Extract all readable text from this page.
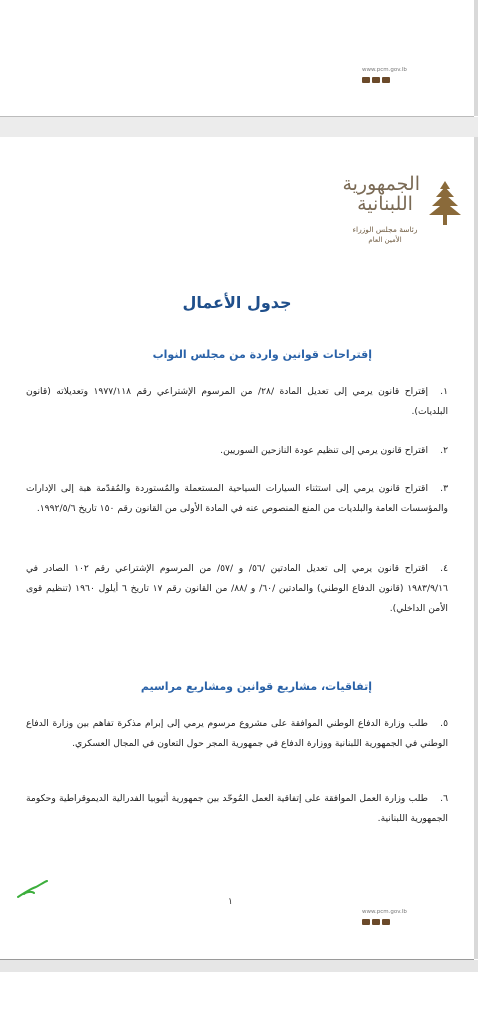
www.pcm.gov.lb
الجمهورية
اللبنانية
رئاسة مجلس الوزراء
الأمين العام
جدول الأعمال
إقتراحات قوانين واردة من مجلس النواب
١.إقتراح قانون يرمي إلى تعديل المادة /٢٨/ من المرسوم الإشتراعي رقم ١٩٧٧/١١٨ وتعديلاته (قانون البلديات).
٢.اقتراح قانون يرمي إلى تنظيم عودة النازحين السوريين.
٣.اقتراح قانون يرمي إلى استثناء السيارات السياحية المستعملة والمُستوردة والمُقدّمة هبة إلى الإدارات والمؤسسات العامة والبلديات من المنع المنصوص عنه في المادة الأولى من القانون رقم ١٥٠ تاريخ ١٩٩٢/٥/٦.
٤.اقتراح قانون يرمي إلى تعديل المادتين /٥٦/ و /٥٧/ من المرسوم الإشتراعي رقم ١٠٢ الصادر في ١٩٨٣/٩/١٦ (قانون الدفاع الوطني) والمادتين /٦٠/ و /٨٨/ من القانون رقم ١٧ تاريخ ٦ أيلول ١٩٦٠ (تنظيم قوى الأمن الداخلي).
إتفاقيات، مشاريع قوانين ومشاريع مراسيم
٥.طلب وزارة الدفاع الوطني الموافقة على مشروع مرسوم يرمي إلى إبرام مذكرة تفاهم بين وزارة الدفاع الوطني في الجمهورية اللبنانية ووزارة الدفاع في جمهورية المجر حول التعاون في المجال العسكري.
٦.طلب وزارة العمل الموافقة على إتفاقية العمل المُوحّد بين جمهورية أثيوبيا الفدرالية الديموقراطية وحكومة الجمهورية اللبنانية.
١
www.pcm.gov.lb
